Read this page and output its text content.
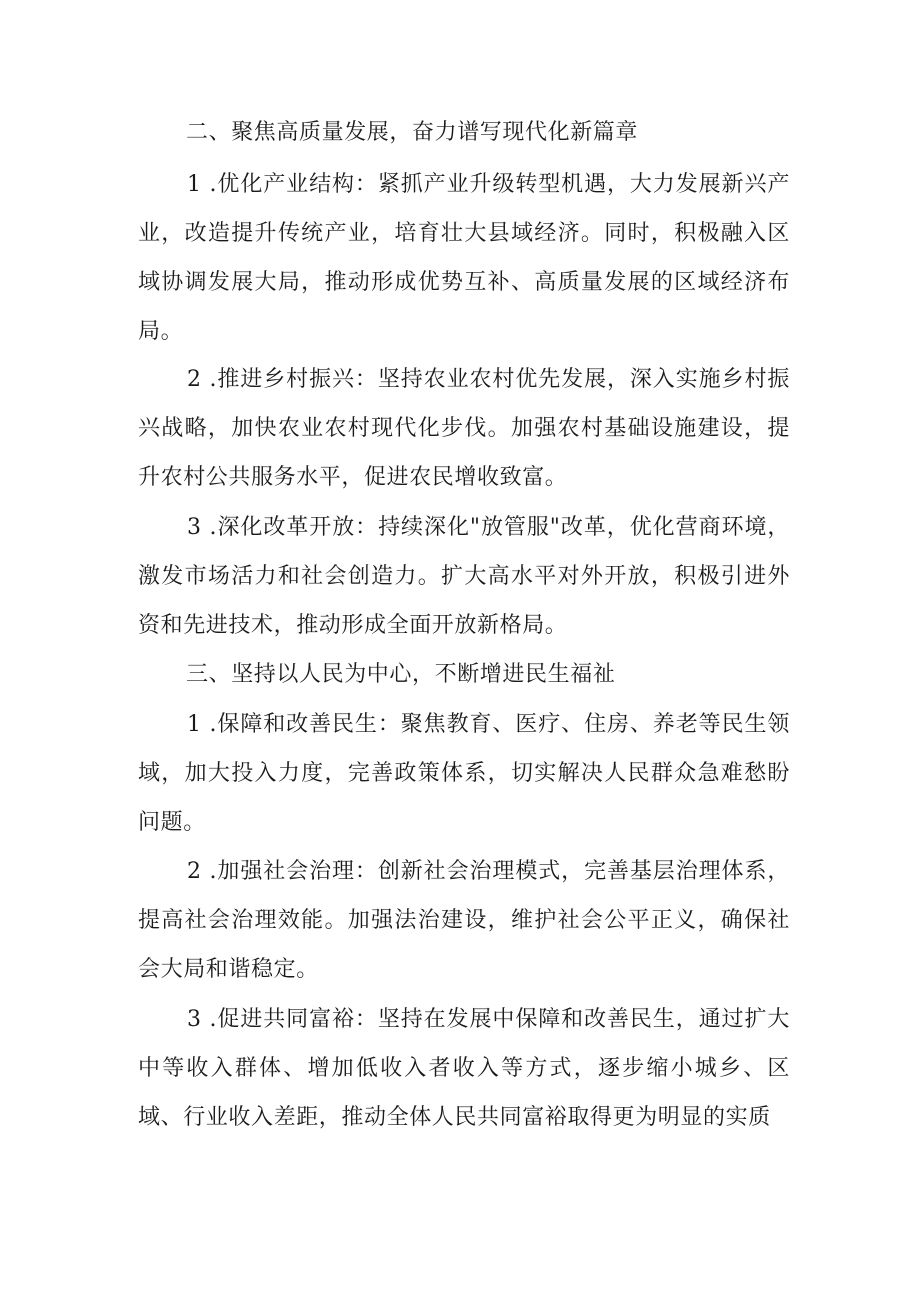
二、聚焦高质量发展，奋力谱写现代化新篇章

1 .优化产业结构：紧抓产业升级转型机遇，大力发展新兴产业，改造提升传统产业，培育壮大县域经济。同时，积极融入区域协调发展大局，推动形成优势互补、高质量发展的区域经济布局。

2 .推进乡村振兴：坚持农业农村优先发展，深入实施乡村振兴战略，加快农业农村现代化步伐。加强农村基础设施建设，提升农村公共服务水平，促进农民增收致富。

3 .深化改革开放：持续深化"放管服"改革，优化营商环境，激发市场活力和社会创造力。扩大高水平对外开放，积极引进外资和先进技术，推动形成全面开放新格局。

三、坚持以人民为中心，不断增进民生福祉

1 .保障和改善民生：聚焦教育、医疗、住房、养老等民生领域，加大投入力度，完善政策体系，切实解决人民群众急难愁盼问题。

2 .加强社会治理：创新社会治理模式，完善基层治理体系，提高社会治理效能。加强法治建设，维护社会公平正义，确保社会大局和谐稳定。

3 .促进共同富裕：坚持在发展中保障和改善民生，通过扩大中等收入群体、增加低收入者收入等方式，逐步缩小城乡、区域、行业收入差距，推动全体人民共同富裕取得更为明显的实质
